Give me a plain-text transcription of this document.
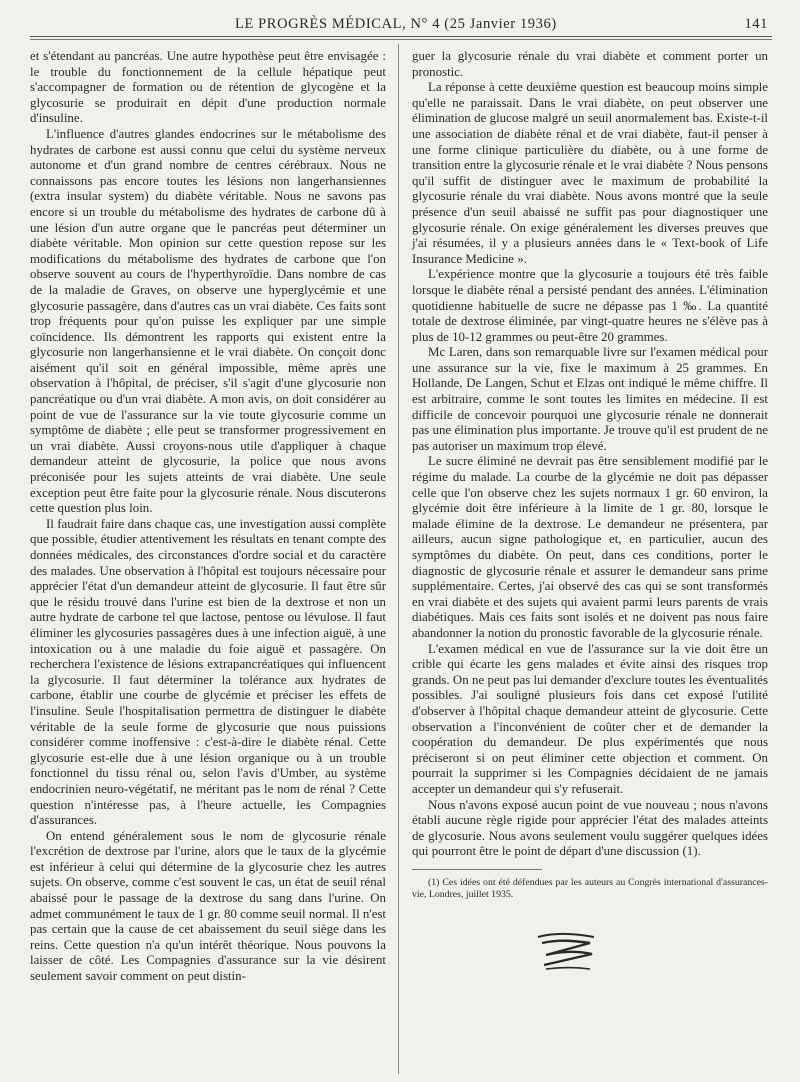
LE PROGRÈS MÉDICAL, N° 4 (25 Janvier 1936)	141

et s'étendant au pancréas. Une autre hypothèse peut être envisagée : le trouble du fonctionnement de la cellule hépatique peut s'accompagner de formation ou de rétention de glycogène et la glycosurie se produirait en dépit d'une production normale d'insuline.

L'influence d'autres glandes endocrines sur le métabolisme des hydrates de carbone est aussi connu que celui du système nerveux autonome et d'un grand nombre de centres cérébraux. Nous ne connaissons pas encore toutes les lésions non langerhansiennes (extra insular system) du diabète véritable. Nous ne savons pas encore si un trouble du métabolisme des hydrates de carbone dû à une lésion d'un autre organe que le pancréas peut déterminer un diabète véritable. Mon opinion sur cette question repose sur les modifications du métabolisme des hydrates de carbone que l'on observe souvent au cours de l'hyperthyroïdie. Dans nombre de cas de la maladie de Graves, on observe une hyperglycémie et une glycosurie passagère, dans d'autres cas un vrai diabète. Ces faits sont trop fréquents pour qu'on puisse les expliquer par une simple coïncidence. Ils démontrent les rapports qui existent entre la glycosurie non langerhansienne et le vrai diabète. On conçoit donc aisément qu'il soit en général impossible, même après une observation à l'hôpital, de préciser, s'il s'agit d'une glycosurie non pancréatique ou d'un vrai diabète. A mon avis, on doit considérer au point de vue de l'assurance sur la vie toute glycosurie comme un symptôme de diabète ; elle peut se transformer progressivement en un vrai diabète. Aussi croyons-nous utile d'appliquer à chaque demandeur atteint de glycosurie, la police que nous avons préconisée pour les sujets atteints de vrai diabète. Une seule exception peut être faite pour la glycosurie rénale. Nous discuterons cette question plus loin.

Il faudrait faire dans chaque cas, une investigation aussi complète que possible, étudier attentivement les résultats en tenant compte des données médicales, des circonstances d'ordre social et du caractère des malades. Une observation à l'hôpital est toujours nécessaire pour apprécier l'état d'un demandeur atteint de glycosurie. Il faut être sûr que le résidu trouvé dans l'urine est bien de la dextrose et non un autre hydrate de carbone tel que lactose, pentose ou lévulose. Il faut éliminer les glycosuries passagères dues à une infection aiguë, à une intoxication ou à une maladie du foie aiguë et passagère. On recherchera l'existence de lésions extrapancréatiques qui influencent la glycosurie. Il faut déterminer la tolérance aux hydrates de carbone, établir une courbe de glycémie et préciser les effets de l'insuline. Seule l'hospitalisation permettra de distinguer le diabète véritable de la seule forme de glycosurie que nous puissions considérer comme inoffensive : c'est-à-dire le diabète rénal. Cette glycosurie est-elle due à une lésion organique ou à un trouble fonctionnel du tissu rénal ou, selon l'avis d'Umber, au système endocrinien neuro-végétatif, ne méritant pas le nom de rénal ? Cette question n'intéresse pas, à l'heure actuelle, les Compagnies d'assurances.

On entend généralement sous le nom de glycosurie rénale l'excrétion de dextrose par l'urine, alors que le taux de la glycémie est inférieur à celui qui détermine de la glycosurie chez les autres sujets. On observe, comme c'est souvent le cas, un état de seuil rénal abaissé pour le passage de la dextrose du sang dans l'urine. On admet communément le taux de 1 gr. 80 comme seuil normal. Il n'est pas certain que la cause de cet abaissement du seuil siège dans les reins. Cette question n'a qu'un intérêt théorique. Nous pouvons la laisser de côté. Les Compagnies d'assurance sur la vie désirent seulement savoir comment on peut distin-

guer la glycosurie rénale du vrai diabète et comment porter un pronostic.

La réponse à cette deuxième question est beaucoup moins simple qu'elle ne paraissait. Dans le vrai diabète, on peut observer une élimination de glucose malgré un seuil anormalement bas. Existe-t-il une association de diabète rénal et de vrai diabète, faut-il penser à une forme clinique particulière du diabète, ou à une forme de transition entre la glycosurie rénale et le vrai diabète ? Nous pensons qu'il suffit de distinguer avec le maximum de probabilité la glycosurie rénale du vrai diabète. Nous avons montré que la seule présence d'un seuil abaissé ne suffit pas pour diagnostiquer une glycosurie rénale. On exige généralement les diverses preuves que j'ai résumées, il y a plusieurs années dans le « Text-book of Life Insurance Medicine ».

L'expérience montre que la glycosurie a toujours été très faible lorsque le diabète rénal a persisté pendant des années. L'élimination quotidienne habituelle de sucre ne dépasse pas 1 ‰. La quantité totale de dextrose éliminée, par vingt-quatre heures ne s'élève pas à plus de 10-12 grammes ou peut-être 20 grammes.

Mc Laren, dans son remarquable livre sur l'examen médical pour une assurance sur la vie, fixe le maximum à 25 grammes. En Hollande, De Langen, Schut et Elzas ont indiqué le même chiffre. Il est arbitraire, comme le sont toutes les limites en médecine. Il est difficile de concevoir pourquoi une glycosurie rénale ne donnerait pas une élimination plus importante. Je trouve qu'il est prudent de ne pas autoriser un maximum trop élevé.

Le sucre éliminé ne devrait pas être sensiblement modifié par le régime du malade. La courbe de la glycémie ne doit pas dépasser celle que l'on observe chez les sujets normaux 1 gr. 60 environ, la glycémie doit être inférieure à la limite de 1 gr. 80, lorsque le malade élimine de la dextrose. Le demandeur ne présentera, par ailleurs, aucun signe pathologique et, en particulier, aucun des symptômes du diabète. On peut, dans ces conditions, porter le diagnostic de glycosurie rénale et assurer le demandeur sans prime supplémentaire. Certes, j'ai observé des cas qui se sont transformés en vrai diabète et des sujets qui avaient parmi leurs parents de vrais diabétiques. Mais ces faits sont isolés et ne doivent pas nous faire abandonner la notion du pronostic favorable de la glycosurie rénale.

L'examen médical en vue de l'assurance sur la vie doit être un crible qui écarte les gens malades et évite ainsi des risques trop grands. On ne peut pas lui demander d'exclure toutes les éventualités possibles. J'ai souligné plusieurs fois dans cet exposé l'utilité d'observer à l'hôpital chaque demandeur atteint de glycosurie. Cette observation a l'inconvénient de coûter cher et de demander la coopération du demandeur. De plus expérimentés que nous préciseront si on peut éliminer cette objection et comment. On pourrait la supprimer si les Compagnies décidaient de ne jamais accepter un demandeur qui s'y refuserait.

Nous n'avons exposé aucun point de vue nouveau ; nous n'avons établi aucune règle rigide pour apprécier l'état des malades atteints de glycosurie. Nous avons seulement voulu suggérer quelques idées qui pourront être le point de départ d'une discussion (1).

(1) Ces idées ont été défendues par les auteurs au Congrès international d'assurances-vie, Londres, juillet 1935.
